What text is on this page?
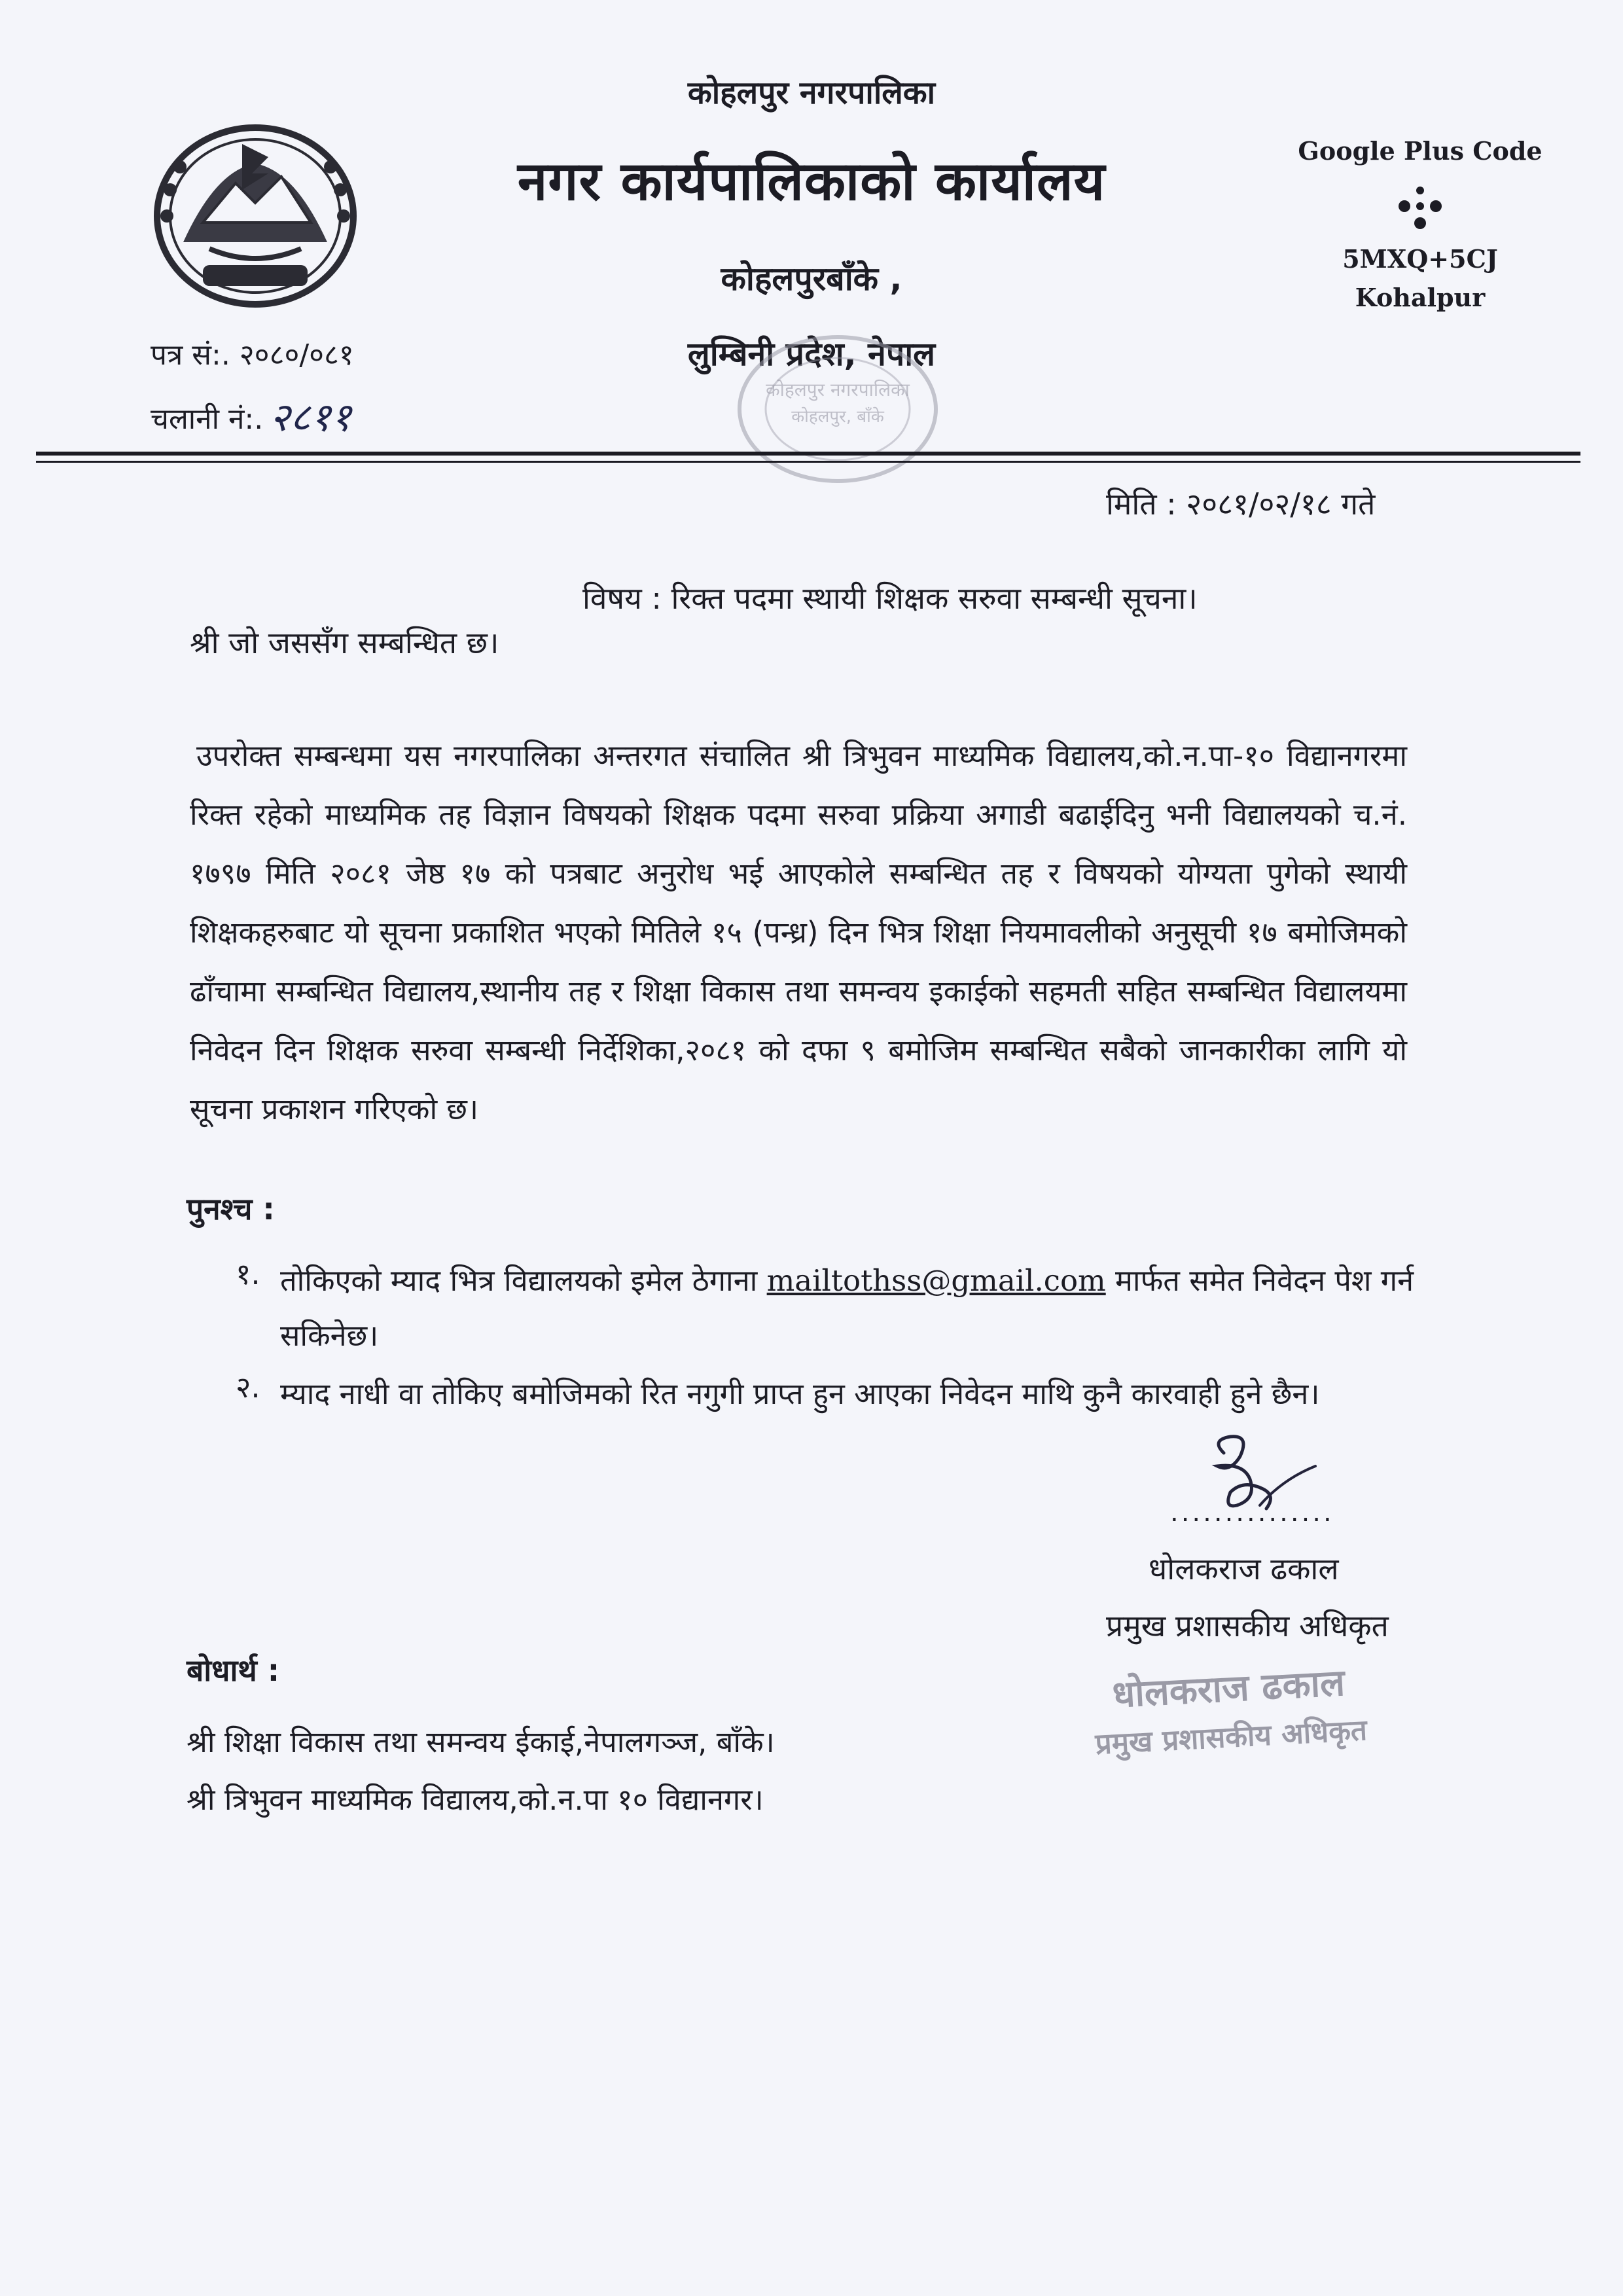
कोहलपुर नगरपालिका
नगर कार्यपालिकाको कार्यालय
कोहलपुरबाँके ,
लुम्बिनी प्रदेश, नेपाल
Google Plus Code
5MXQ+5CJ
Kohalpur
पत्र सं:. २०८०/०८१
चलानी नं:. २८११
कोहलपुर नगरपालिका
कोहलपुर, बाँके
मिति : २०८१/०२/१८ गते
विषय : रिक्त पदमा स्थायी शिक्षक सरुवा सम्बन्धी सूचना।
श्री जो जससँग सम्बन्धित छ।
उपरोक्त सम्बन्धमा यस नगरपालिका अन्तरगत संचालित श्री त्रिभुवन माध्यमिक विद्यालय,को.न.पा-१० विद्यानगरमा रिक्त रहेको माध्यमिक तह विज्ञान विषयको शिक्षक पदमा सरुवा प्रक्रिया अगाडी बढाईदिनु भनी विद्यालयको च.नं. १७९७ मिति २०८१ जेष्ठ १७ को पत्रबाट अनुरोध भई आएकोले सम्बन्धित तह र विषयको योग्यता पुगेको स्थायी शिक्षकहरुबाट यो सूचना प्रकाशित भएको मितिले १५ (पन्ध्र) दिन भित्र शिक्षा नियमावलीको अनुसूची १७ बमोजिमको ढाँचामा सम्बन्धित विद्यालय,स्थानीय तह र शिक्षा विकास तथा समन्वय इकाईको सहमती सहित सम्बन्धित विद्यालयमा निवेदन दिन शिक्षक सरुवा सम्बन्धी निर्देशिका,२०८१ को दफा ९ बमोजिम सम्बन्धित सबैको जानकारीका लागि यो सूचना प्रकाशन गरिएको छ।
पुनश्च :
१. तोकिएको म्याद भित्र विद्यालयको इमेल ठेगाना mailtothss@gmail.com मार्फत समेत निवेदन पेश गर्न सकिनेछ।
२. म्याद नाधी वा तोकिए बमोजिमको रित नगुगी प्राप्त हुन आएका निवेदन माथि कुनै कारवाही हुने छैन।
...............
धोलकराज ढकाल
प्रमुख प्रशासकीय अधिकृत
धोलकराज ढकाल
प्रमुख प्रशासकीय अधिकृत
बोधार्थ :
श्री शिक्षा विकास तथा समन्वय ईकाई,नेपालगञ्ज, बाँके।
श्री त्रिभुवन माध्यमिक विद्यालय,को.न.पा १० विद्यानगर।
